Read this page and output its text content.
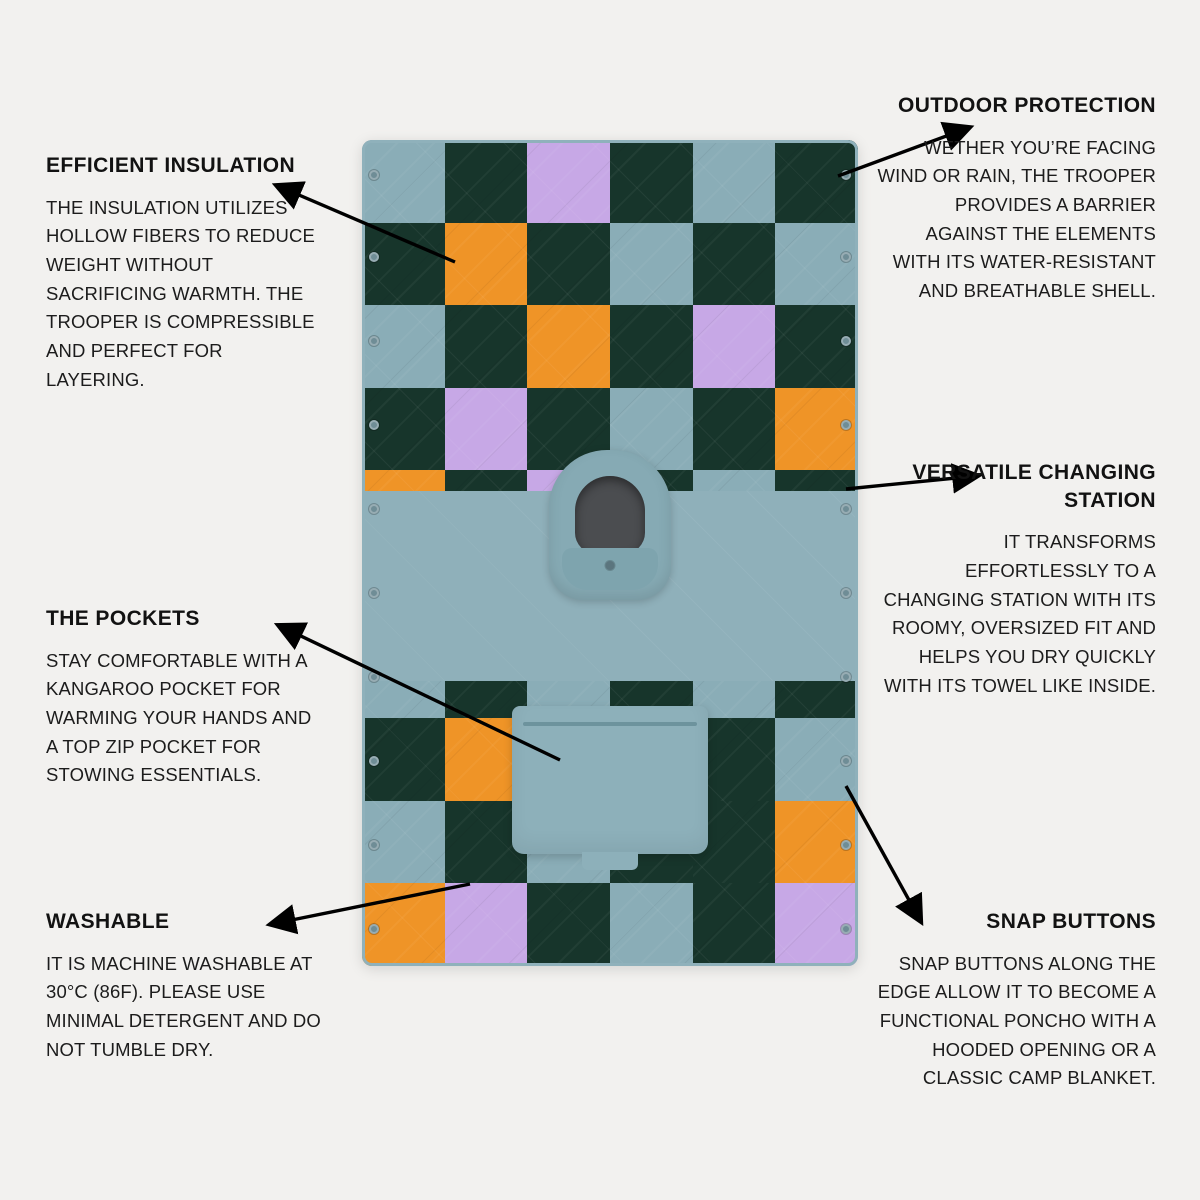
EFFICIENT INSULATION

THE INSULATION UTILIZES HOLLOW FIBERS TO REDUCE WEIGHT WITHOUT SACRIFICING WARMTH. THE TROOPER IS COMPRESSIBLE AND PERFECT FOR LAYERING.

THE POCKETS

STAY COMFORTABLE WITH A KANGAROO POCKET FOR WARMING YOUR HANDS AND A TOP ZIP POCKET FOR STOWING ESSENTIALS.

WASHABLE

IT IS MACHINE WASHABLE AT 30°C (86F). PLEASE USE MINIMAL DETERGENT AND DO NOT TUMBLE DRY.

OUTDOOR PROTECTION

WETHER YOU’RE FACING WIND OR RAIN, THE TROOPER PROVIDES A BARRIER AGAINST THE ELEMENTS WITH ITS WATER-RESISTANT AND BREATHABLE SHELL.

VERSATILE CHANGING STATION

IT TRANSFORMS EFFORTLESSLY TO A CHANGING STATION WITH ITS ROOMY, OVERSIZED FIT AND HELPS YOU DRY QUICKLY WITH ITS TOWEL LIKE INSIDE.

SNAP BUTTONS

SNAP BUTTONS ALONG THE EDGE ALLOW IT TO BECOME A FUNCTIONAL PONCHO WITH A HOODED OPENING OR A CLASSIC CAMP BLANKET.
